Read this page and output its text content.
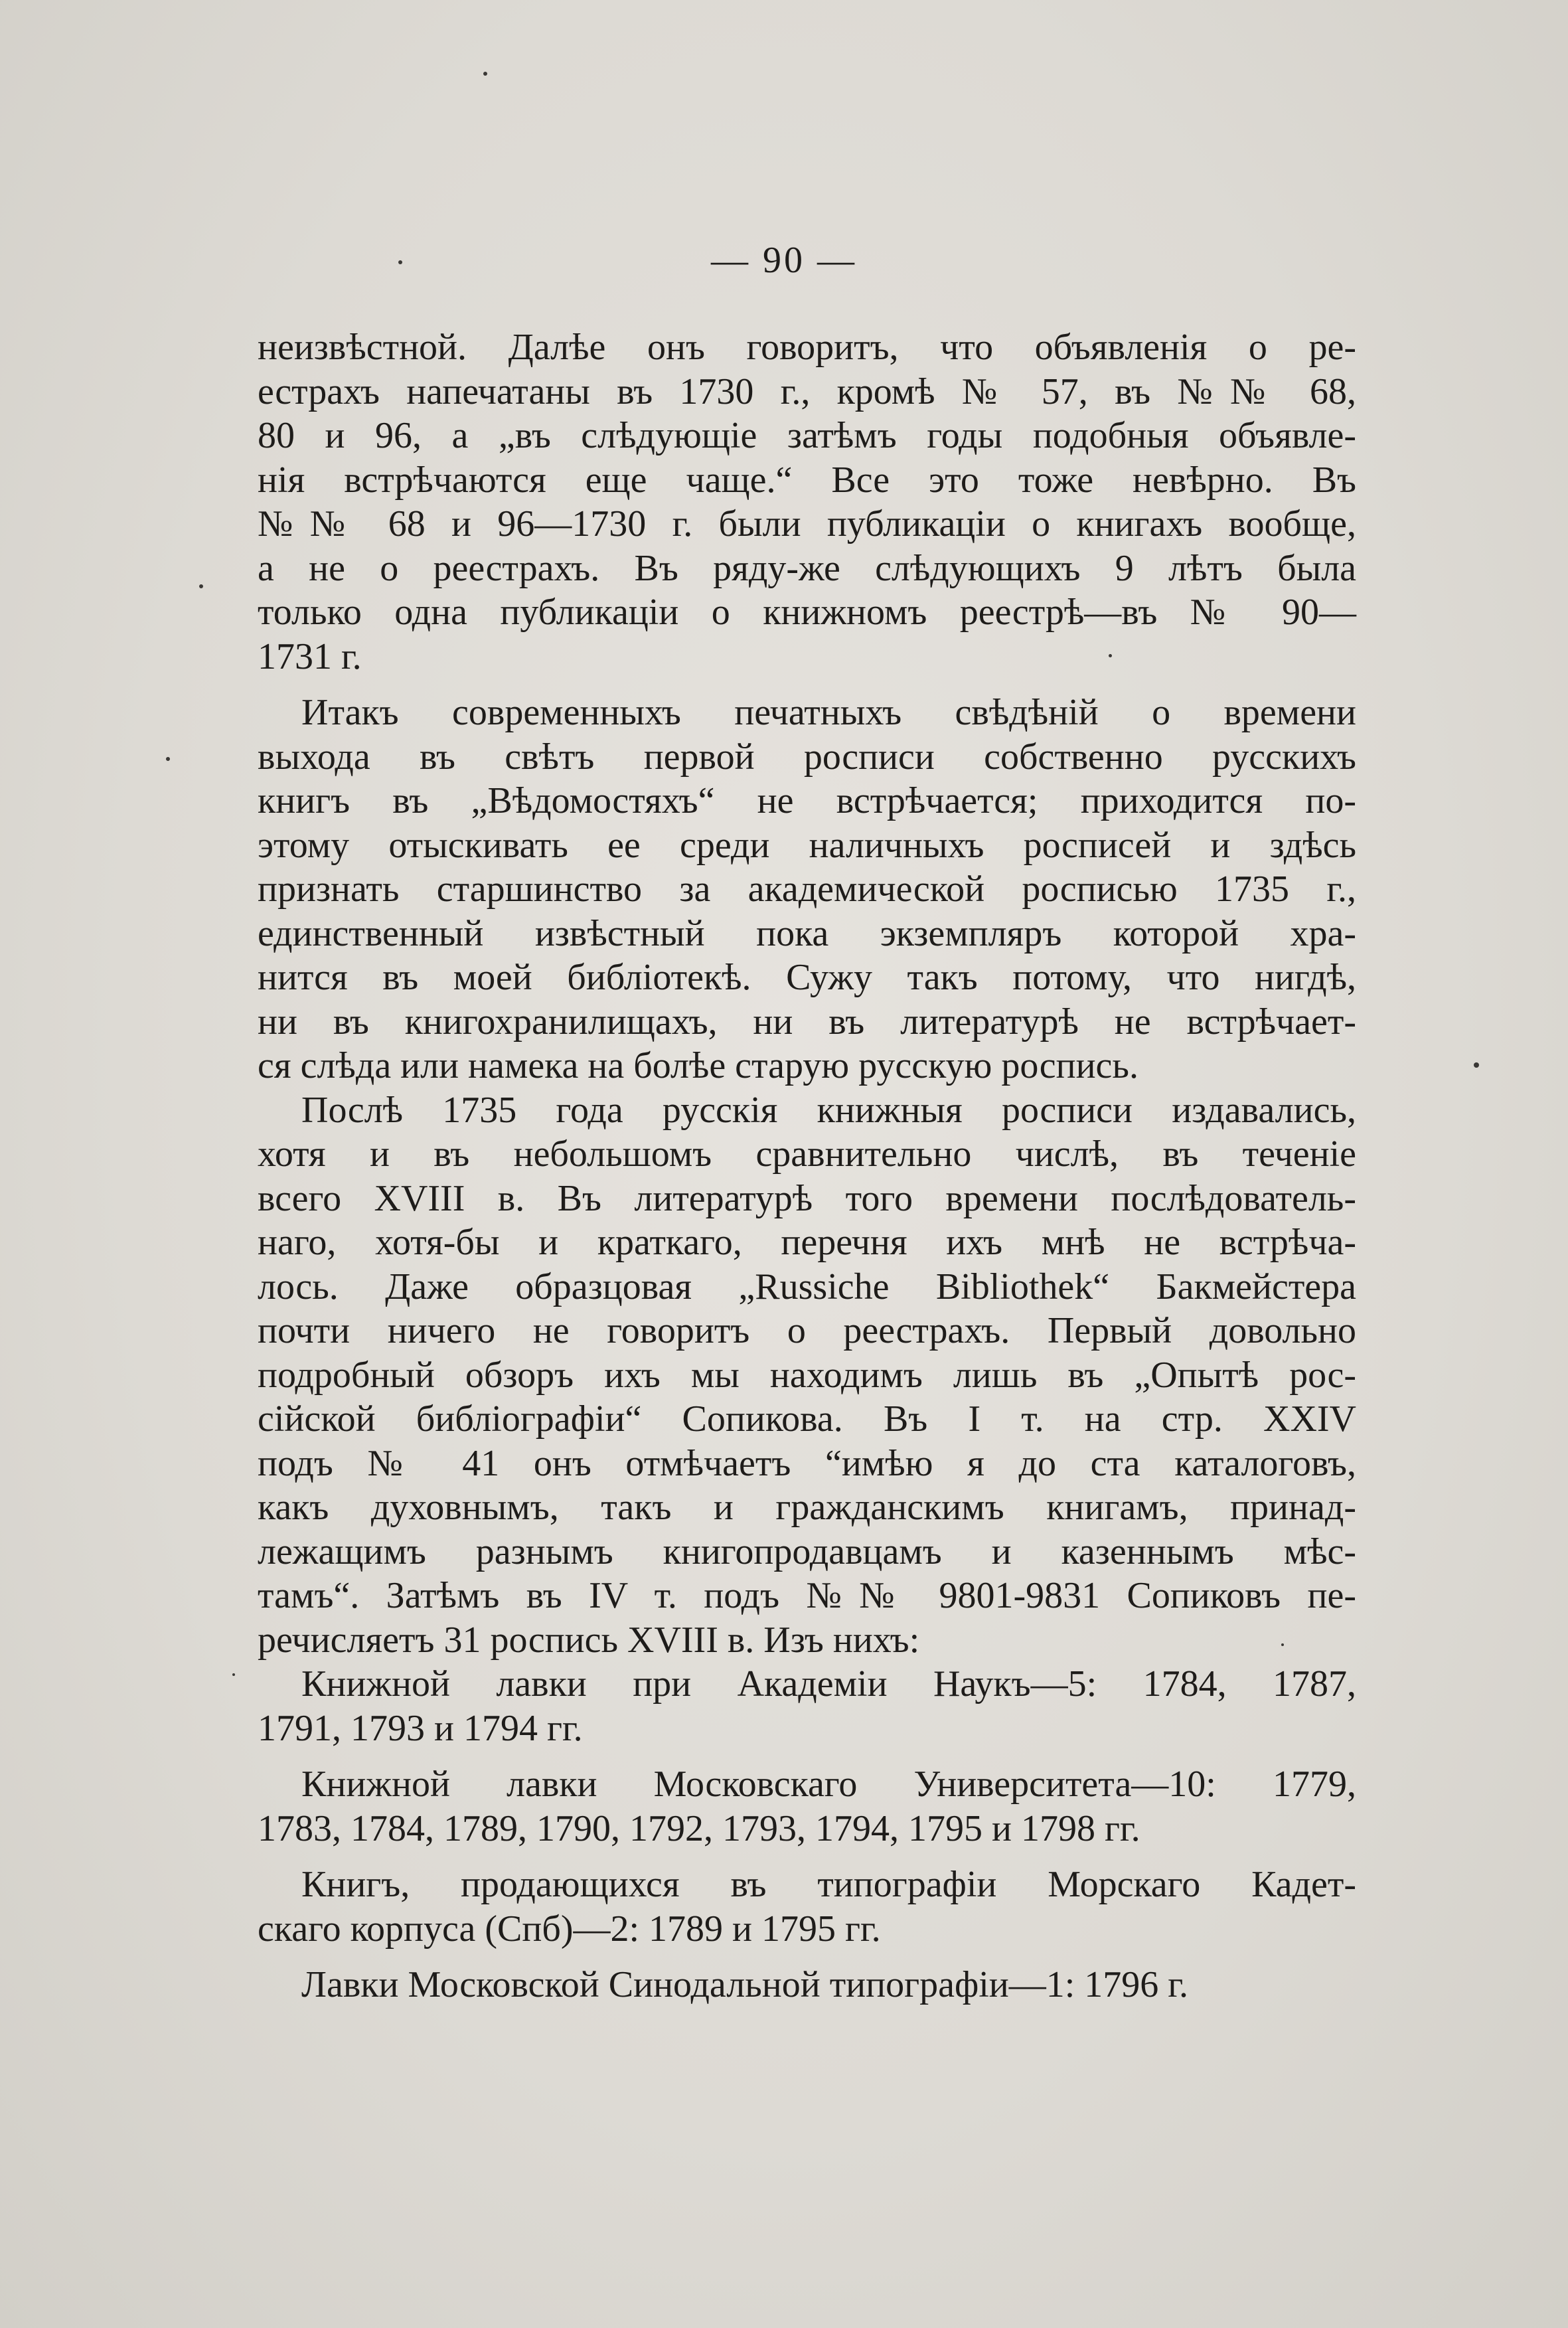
— 90 —
неизвѣстной. Далѣе онъ говоритъ, что объявленія о ре-
естрахъ напечатаны въ 1730 г., кромѣ № 57, въ №№ 68,
80 и 96, а „въ слѣдующіе затѣмъ годы подобныя объявле-
нія встрѣчаются еще чаще.“ Все это тоже невѣрно. Въ
№№ 68 и 96—1730 г. были публикаціи о книгахъ вообще,
а не о реестрахъ. Въ ряду-же слѣдующихъ 9 лѣтъ была
только одна публикаціи о книжномъ реестрѣ—въ № 90—
1731 г.
Итакъ современныхъ печатныхъ свѣдѣній о времени
выхода въ свѣтъ первой росписи собственно русскихъ
книгъ въ „Вѣдомостяхъ“ не встрѣчается; приходится по-
этому отыскивать ее среди наличныхъ росписей и здѣсь
признать старшинство за академической росписью 1735 г.,
единственный извѣстный пока экземпляръ которой хра-
нится въ моей библіотекѣ. Сужу такъ потому, что нигдѣ,
ни въ книгохранилищахъ, ни въ литературѣ не встрѣчает-
ся слѣда или намека на болѣе старую русскую роспись.
Послѣ 1735 года русскія книжныя росписи издавались,
хотя и въ небольшомъ сравнительно числѣ, въ теченіе
всего XVIII в. Въ литературѣ того времени послѣдователь-
наго, хотя-бы и краткаго, перечня ихъ мнѣ не встрѣча-
лось. Даже образцовая „Russiche Bibliothek“ Бакмейстера
почти ничего не говоритъ о реестрахъ. Первый довольно
подробный обзоръ ихъ мы находимъ лишь въ „Опытѣ рос-
сійской библіографіи“ Сопикова. Въ I т. на стр. XXIV
подъ № 41 онъ отмѣчаетъ “имѣю я до ста каталоговъ,
какъ духовнымъ, такъ и гражданскимъ книгамъ, принад-
лежащимъ разнымъ книгопродавцамъ и казеннымъ мѣс-
тамъ“. Затѣмъ въ IV т. подъ №№ 9801-9831 Сопиковъ пе-
речисляетъ 31 роспись XVIII в. Изъ нихъ:
Книжной лавки при Академіи Наукъ—5: 1784, 1787,
1791, 1793 и 1794 гг.
Книжной лавки Московскаго Университета—10: 1779,
1783, 1784, 1789, 1790, 1792, 1793, 1794, 1795 и 1798 гг.
Книгъ, продающихся въ типографіи Морскаго Кадет-
скаго корпуса (Спб)—2: 1789 и 1795 гг.
Лавки Московской Синодальной типографіи—1: 1796 г.
